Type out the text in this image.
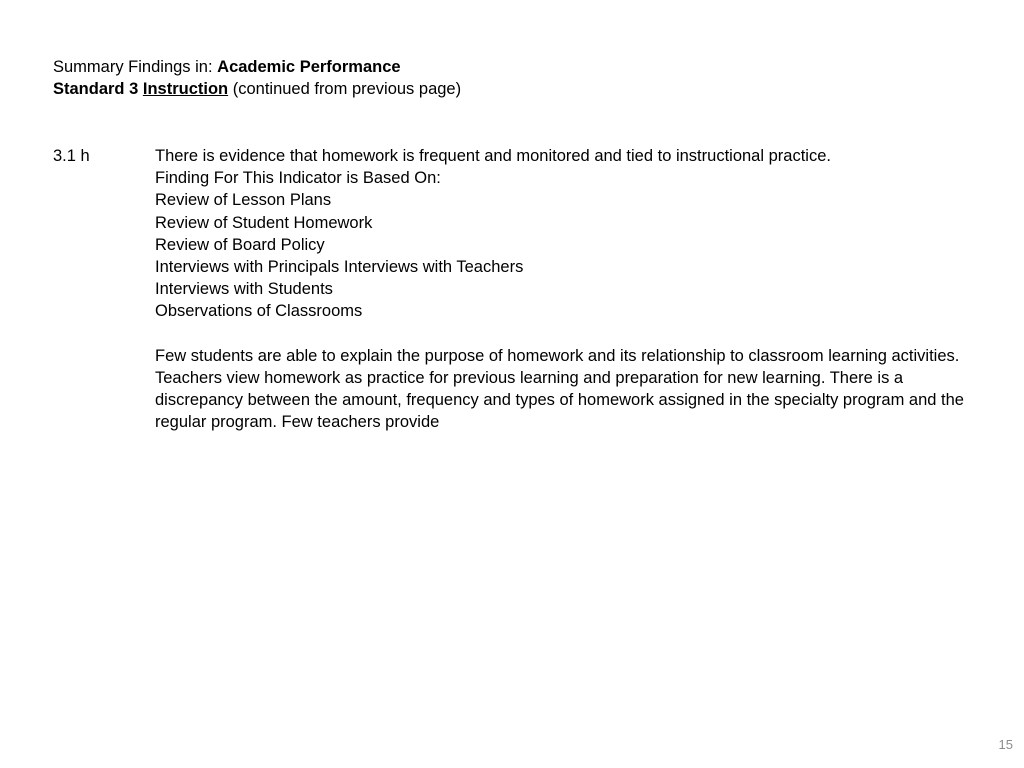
Summary Findings in: Academic Performance
Standard 3 Instruction (continued from previous page)
3.1 h	There is evidence that homework is frequent and monitored and tied to instructional practice.
Finding For This Indicator is Based On:
Review of Lesson Plans
Review of Student Homework
Review of Board Policy
Interviews with Principals Interviews with Teachers
Interviews with Students
Observations of Classrooms
Few students are able to explain the purpose of homework and its relationship to classroom learning activities. Teachers view homework as practice for previous learning and preparation for new learning. There is a discrepancy between the amount, frequency and types of homework assigned in the specialty program and the regular program. Few teachers provide
15
